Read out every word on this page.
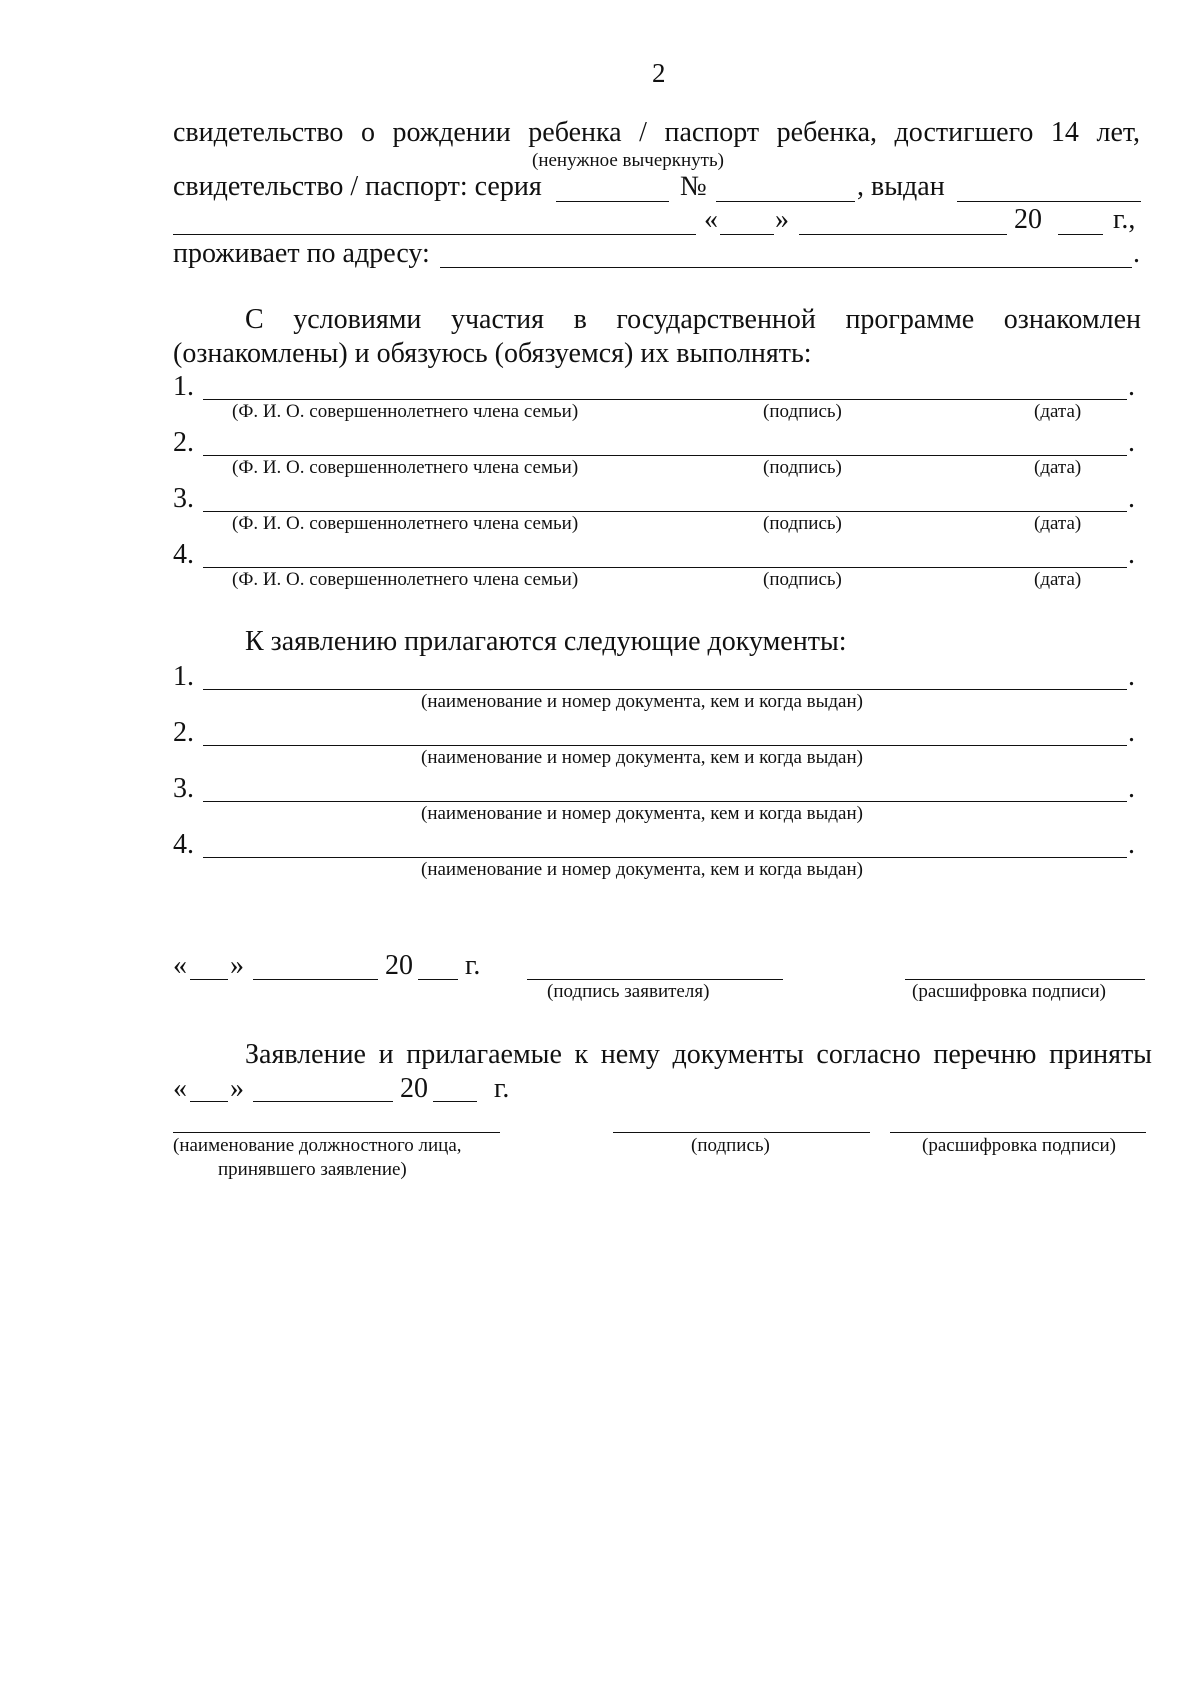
2
свидетельство о рождении ребенка / паспорт ребенка, достигшего 14 лет,
(ненужное вычеркнуть)
свидетельство / паспорт: серия	№	, выдан
« »	20	г.,
проживает по адресу:	.
С условиями участия в государственной программе ознакомлен
(ознакомлены) и обязуюсь (обязуемся) их выполнять:
1.	.
(Ф. И. О. совершеннолетнего члена семьи)	(подпись)	(дата)
2.	.
(Ф. И. О. совершеннолетнего члена семьи)	(подпись)	(дата)
3.	.
(Ф. И. О. совершеннолетнего члена семьи)	(подпись)	(дата)
4.	.
(Ф. И. О. совершеннолетнего члена семьи)	(подпись)	(дата)
К заявлению прилагаются следующие документы:
1.	.
(наименование и номер документа, кем и когда выдан)
2.	.
(наименование и номер документа, кем и когда выдан)
3.	.
(наименование и номер документа, кем и когда выдан)
4.	.
(наименование и номер документа, кем и когда выдан)
« »	20 г.
(подпись заявителя)	(расшифровка подписи)
Заявление и прилагаемые к нему документы согласно перечню приняты
« »	20 г.
(наименование должностного лица,
принявшего заявление)
(подпись)	(расшифровка подписи)
